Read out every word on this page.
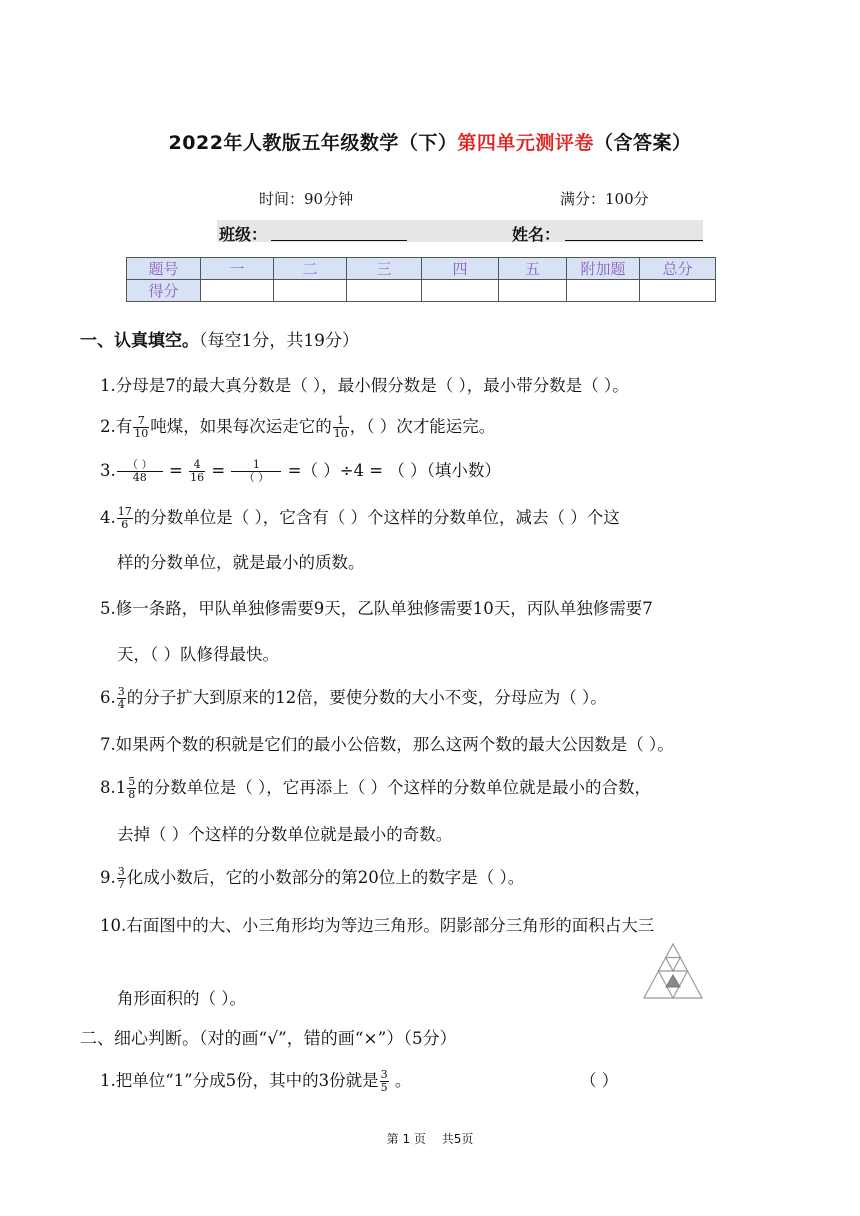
2022年人教版五年级数学（下）第四单元测评卷（含答案）
时间：90分钟	满分：100分
班级：	姓名：
题号	一	二	三	四	五	附加题	总分
得分							
一、认真填空。（每空1分，共19分）
1.分母是7的最大真分数是（ ），最小假分数是（ ），最小带分数是（ ）。
2.有 $\frac{7}{10}$ 吨煤，如果每次运走它的 $\frac{1}{10}$ ，（ ）次才能运完。
3. $\frac{( )}{48} = \frac{4}{16} = \frac{1}{( )}$ =（ ）÷4 = （ ）（填小数）
4. $\frac{17}{6}$ 的分数单位是（ ），它含有（ ）个这样的分数单位，减去（ ）个这
样的分数单位，就是最小的质数。
5.修一条路，甲队单独修需要9天，乙队单独修需要10天，丙队单独修需要7
天，（ ）队修得最快。
6. $\frac{3}{4}$ 的分子扩大到原来的12倍，要使分数的大小不变，分母应为（ ）。
7.如果两个数的积就是它们的最小公倍数，那么这两个数的最大公因数是（ ）。
$8.1 \frac{5}{8}$ 的分数单位是（ ），它再添上（ ）个这样的分数单位就是最小的合数，
去掉（ ）个这样的分数单位就是最小的奇数。
9. $\frac{3}{7}$ 化成小数后，它的小数部分的第20位上的数字是（ ）。
10.右面图中的大、小三角形均为等边三角形。阴影部分三角形的面积占大三
角形面积的（ ）。
二、细心判断。（对的画“√”，错的画“×”）（5分）
1.把单位“1”分成5份，其中的3份就是 $\frac{3}{5}$ 。	（ ）
第 1 页 共5页
